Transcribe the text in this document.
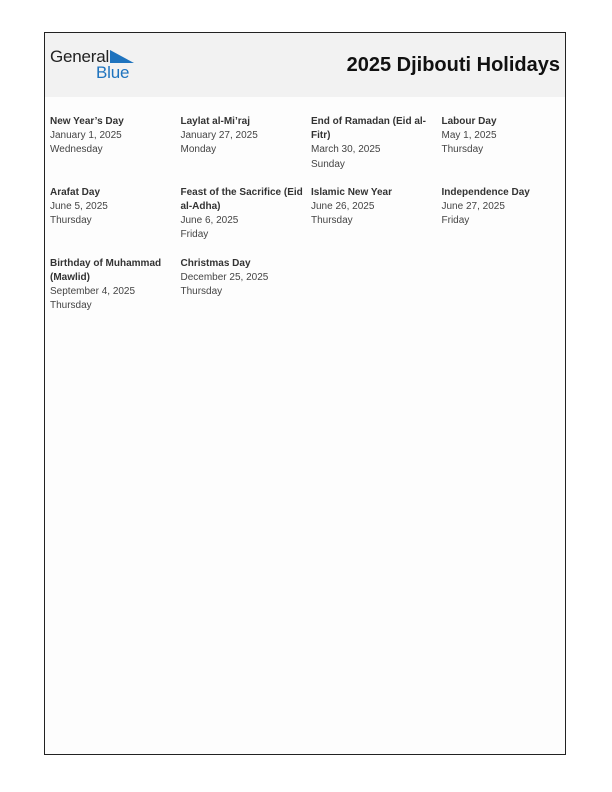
General
Blue	2025 Djibouti Holidays
New Year’s Day
January 1, 2025
Wednesday
Laylat al-Mi’raj
January 27, 2025
Monday
End of Ramadan (Eid al-Fitr)
March 30, 2025
Sunday
Labour Day
May 1, 2025
Thursday
Arafat Day
June 5, 2025
Thursday
Feast of the Sacrifice (Eid al-Adha)
June 6, 2025
Friday
Islamic New Year
June 26, 2025
Thursday
Independence Day
June 27, 2025
Friday
Birthday of Muhammad (Mawlid)
September 4, 2025
Thursday
Christmas Day
December 25, 2025
Thursday
